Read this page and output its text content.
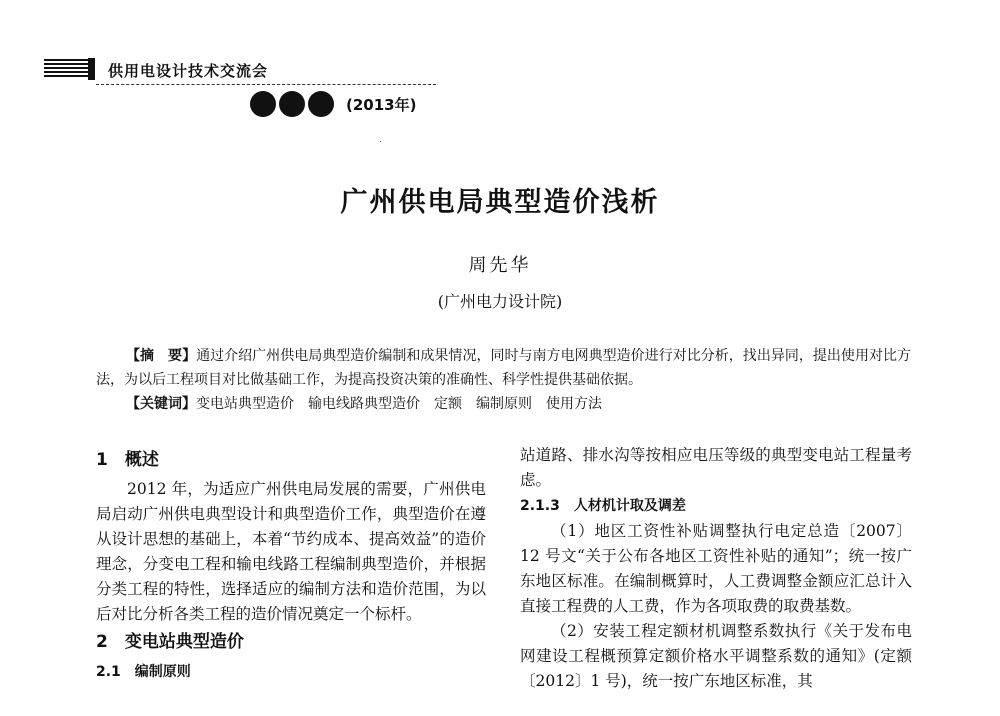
供用电设计技术交流会
(2013年)
广州供电局典型造价浅析
周先华
(广州电力设计院)

【摘　要】通过介绍广州供电局典型造价编制和成果情况，同时与南方电网典型造价进行对比分析，找出异同，提出使用对比方法，为以后工程项目对比做基础工作，为提高投资决策的准确性、科学性提供基础依据。

【关键词】变电站典型造价　输电线路典型造价　定额　编制原则　使用方法
1　概述

2012 年，为适应广州供电局发展的需要，广州供电局启动广州供电典型设计和典型造价工作，典型造价在遵从设计思想的基础上，本着“节约成本、提高效益”的造价理念，分变电工程和输电线路工程编制典型造价，并根据分类工程的特性，选择适应的编制方法和造价范围，为以后对比分析各类工程的造价情况奠定一个标杆。

2　变电站典型造价
2.1　编制原则

站道路、排水沟等按相应电压等级的典型变电站工程量考虑。

2.1.3　人材机计取及调差

（1）地区工资性补贴调整执行电定总造〔2007〕12 号文“关于公布各地区工资性补贴的通知”；统一按广东地区标准。在编制概算时，人工费调整金额应汇总计入直接工程费的人工费，作为各项取费的取费基数。

（2）安装工程定额材机调整系数执行《关于发布电网建设工程概预算定额价格水平调整系数的通知》(定额〔2012〕1 号)，统一按广东地区标准，其
